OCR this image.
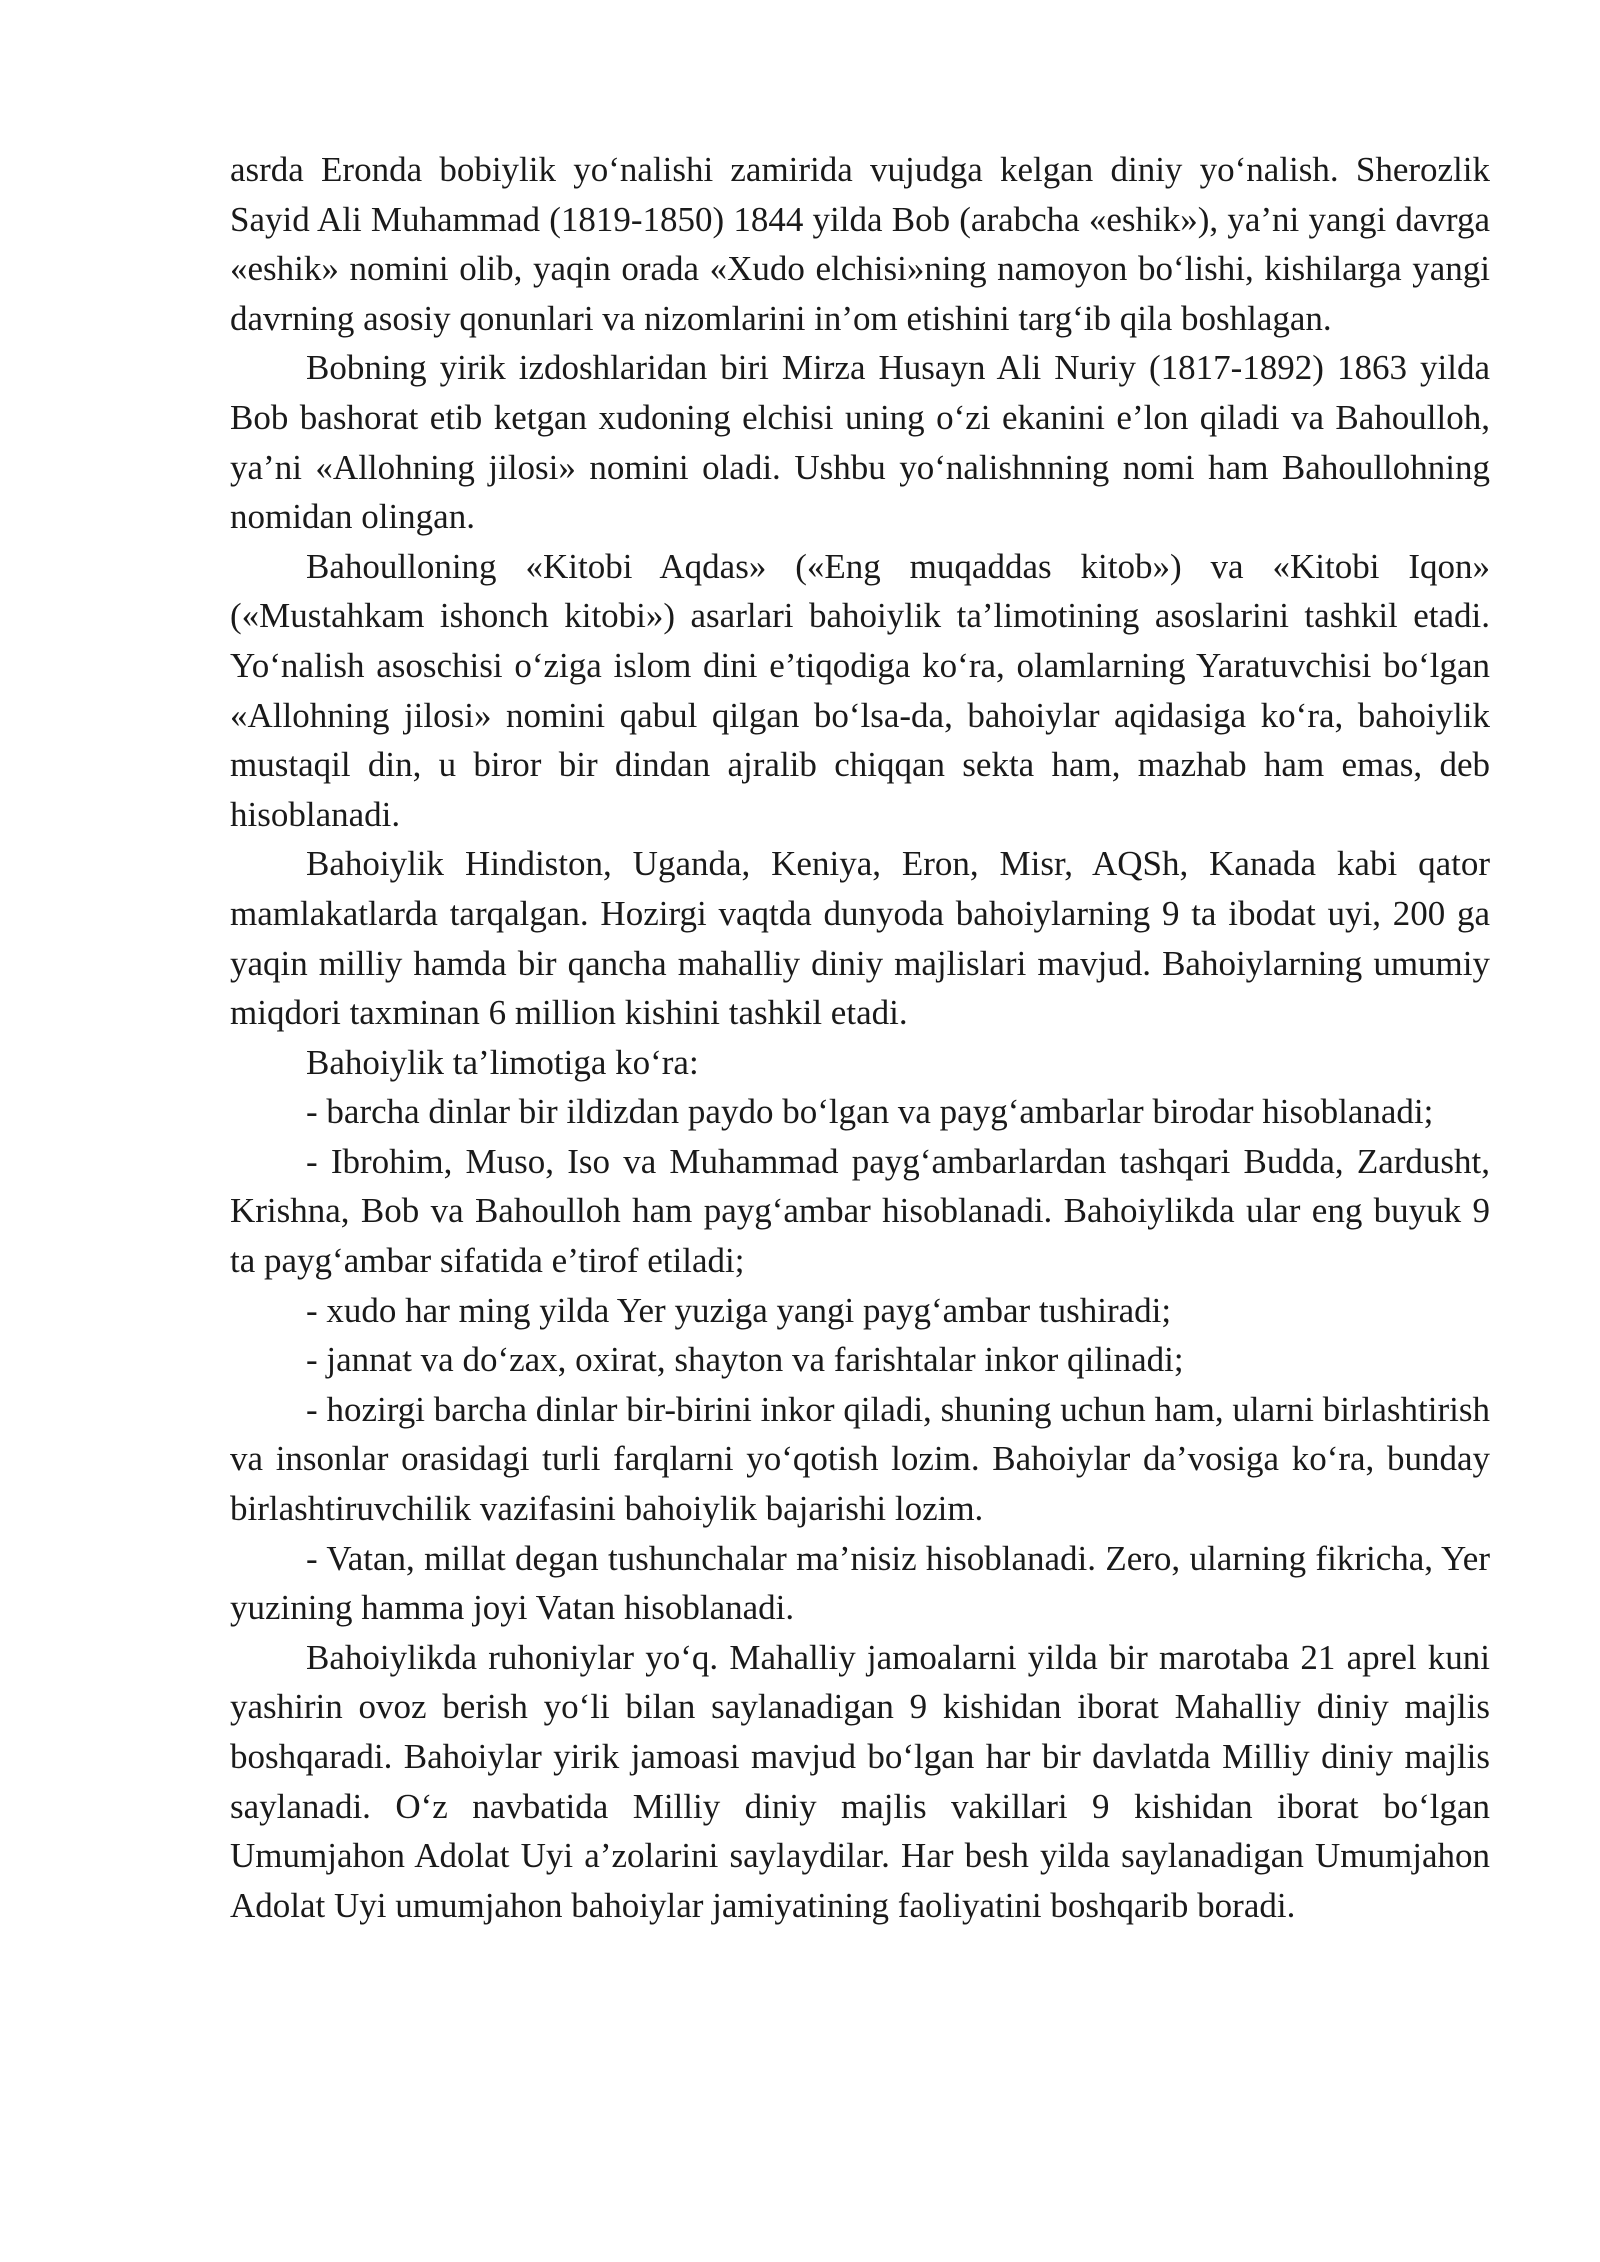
asrda Eronda bobiylik yo‘nalishi zamirida vujudga kelgan diniy yo‘nalish. Sherozlik Sayid Ali Muhammad (1819-1850) 1844 yilda Bob (arabcha «eshik»), ya’ni yangi davrga «eshik» nomini olib, yaqin orada «Xudo elchisi»ning namoyon bo‘lishi, kishilarga yangi davrning asosiy qonunlari va nizomlarini in’om etishini targ‘ib qila boshlagan.

Bobning yirik izdoshlaridan biri Mirza Husayn Ali Nuriy (1817-1892) 1863 yilda Bob bashorat etib ketgan xudoning elchisi uning o‘zi ekanini e’lon qiladi va Bahoulloh, ya’ni «Allohning jilosi» nomini oladi. Ushbu yo‘nalishnning nomi ham Bahoullohning nomidan olingan.

Bahoulloning «Kitobi Aqdas» («Eng muqaddas kitob») va «Kitobi Iqon» («Mustahkam ishonch kitobi») asarlari bahoiylik ta’limotining asoslarini tashkil etadi. Yo‘nalish asoschisi o‘ziga islom dini e’tiqodiga ko‘ra, olamlarning Yaratuvchisi bo‘lgan «Allohning jilosi» nomini qabul qilgan bo‘lsa-da, bahoiylar aqidasiga ko‘ra, bahoiylik mustaqil din, u biror bir dindan ajralib chiqqan sekta ham, mazhab ham emas, deb hisoblanadi.

Bahoiylik Hindiston, Uganda, Keniya, Eron, Misr, AQSh, Kanada kabi qator mamlakatlarda tarqalgan. Hozirgi vaqtda dunyoda bahoiylarning 9 ta ibodat uyi, 200 ga yaqin milliy hamda bir qancha mahalliy diniy majlislari mavjud. Bahoiylarning umumiy miqdori taxminan 6 million kishini tashkil etadi.

Bahoiylik ta’limotiga ko‘ra:

- barcha dinlar bir ildizdan paydo bo‘lgan va payg‘ambarlar birodar hisoblanadi;

- Ibrohim, Muso, Iso va Muhammad payg‘ambarlardan tashqari Budda, Zardusht, Krishna, Bob va Bahoulloh ham payg‘ambar hisoblanadi. Bahoiylikda ular eng buyuk 9 ta payg‘ambar sifatida e’tirof etiladi;

- xudo har ming yilda Yer yuziga yangi payg‘ambar tushiradi;

- jannat va do‘zax, oxirat, shayton va farishtalar inkor qilinadi;

- hozirgi barcha dinlar bir-birini inkor qiladi, shuning uchun ham, ularni birlashtirish va insonlar orasidagi turli farqlarni yo‘qotish lozim. Bahoiylar da’vosiga ko‘ra, bunday birlashtiruvchilik vazifasini bahoiylik bajarishi lozim.

- Vatan, millat degan tushunchalar ma’nisiz hisoblanadi. Zero, ularning fikricha, Yer yuzining hamma joyi Vatan hisoblanadi.

Bahoiylikda ruhoniylar yo‘q. Mahalliy jamoalarni yilda bir marotaba 21 aprel kuni yashirin ovoz berish yo‘li bilan saylanadigan 9 kishidan iborat Mahalliy diniy majlis boshqaradi. Bahoiylar yirik jamoasi mavjud bo‘lgan har bir davlatda Milliy diniy majlis saylanadi. O‘z navbatida Milliy diniy majlis vakillari 9 kishidan iborat bo‘lgan Umumjahon Adolat Uyi a’zolarini saylaydilar. Har besh yilda saylanadigan Umumjahon Adolat Uyi umumjahon bahoiylar jamiyatining faoliyatini boshqarib boradi.
